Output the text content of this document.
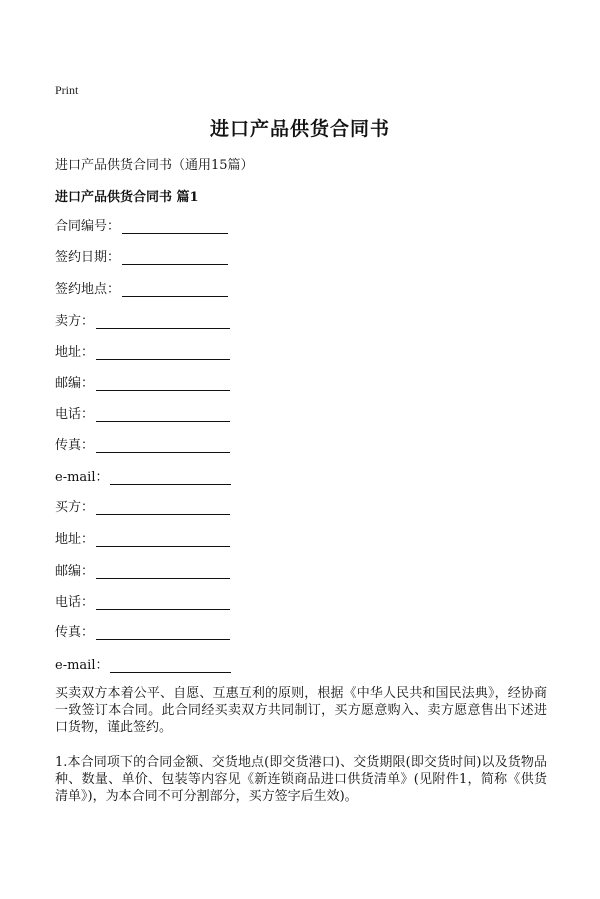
Print
进口产品供货合同书
进口产品供货合同书（通用15篇）
进口产品供货合同书 篇1
合同编号：
签约日期：
签约地点：
卖方：
地址：
邮编：
电话：
传真：
e-mail：
买方：
地址：
邮编：
电话：
传真：
e-mail：
买卖双方本着公平、自愿、互惠互利的原则，根据《中华人民共和国民法典》，经协商一致签订本合同。此合同经买卖双方共同制订，买方愿意购入、卖方愿意售出下述进口货物，谨此签约。
1.本合同项下的合同金额、交货地点(即交货港口)、交货期限(即交货时间)以及货物品种、数量、单价、包装等内容见《新连锁商品进口供货清单》(见附件1，简称《供货清单》)，为本合同不可分割部分，买方签字后生效)。
